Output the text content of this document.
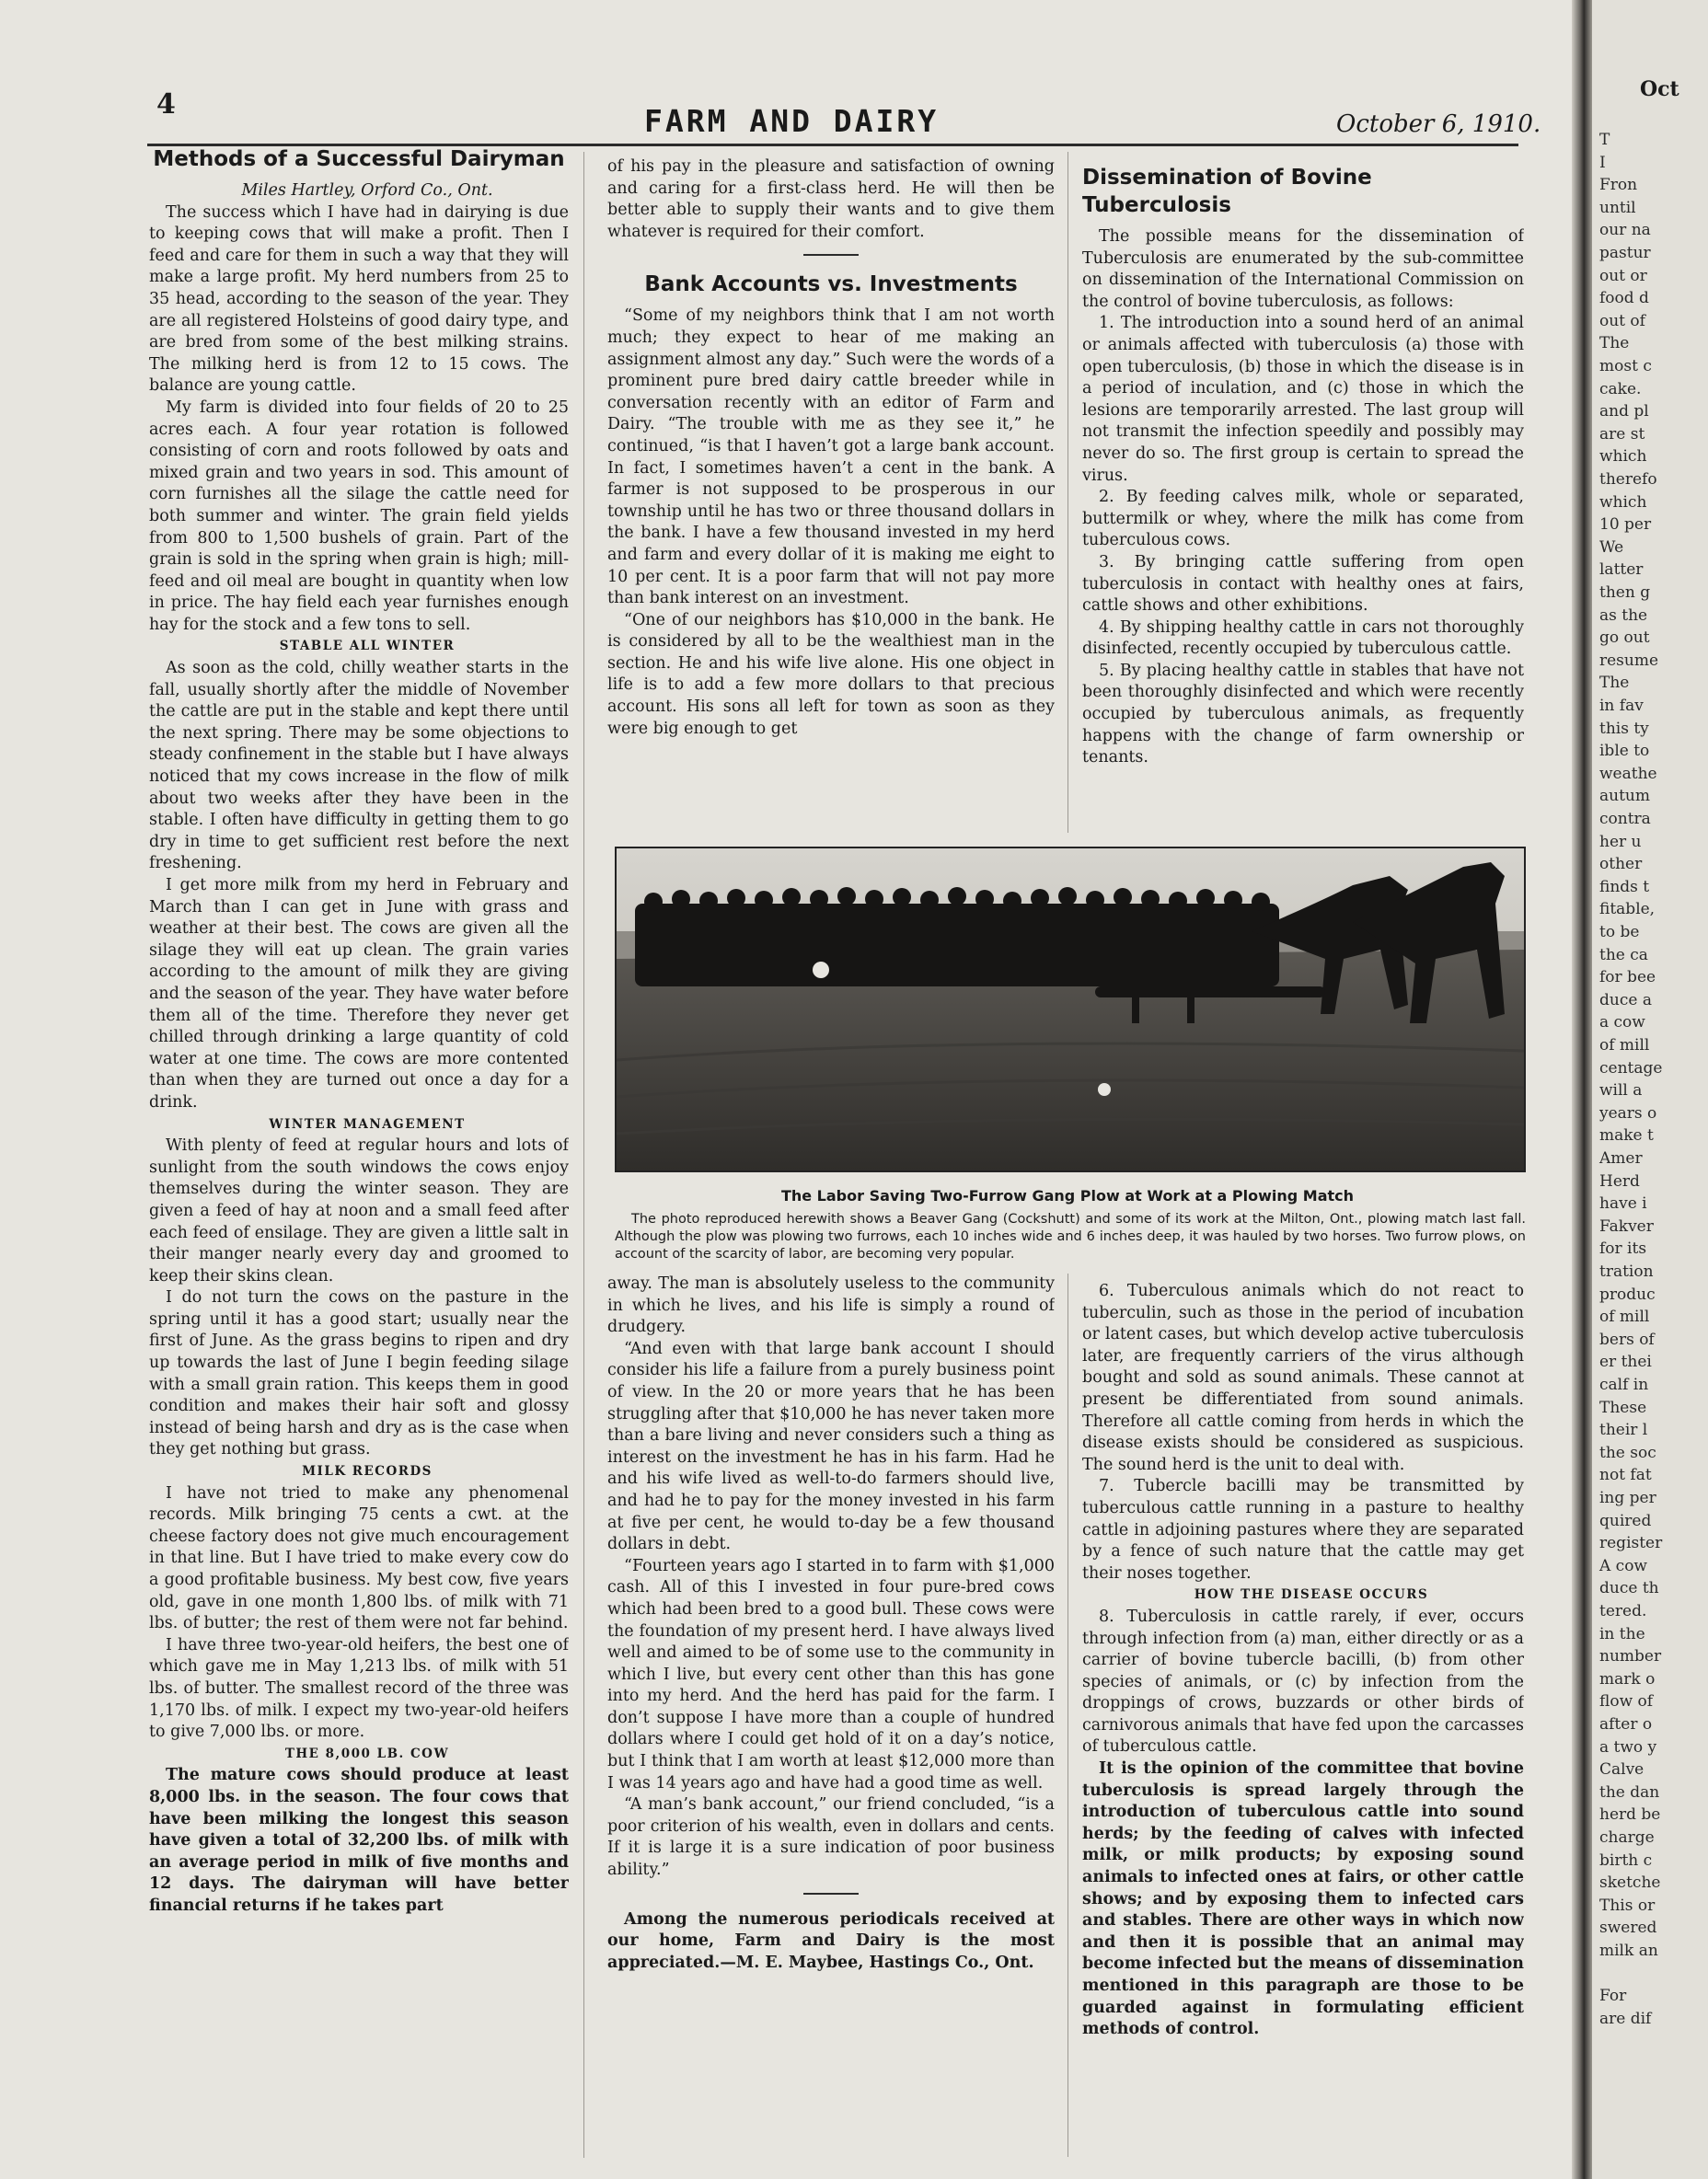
4	FARM AND DAIRY	October 6, 1910.
Methods of a Successful Dairyman

Miles Hartley, Orford Co., Ont.

The success which I have had in dairying is due to keeping cows that will make a profit. Then I feed and care for them in such a way that they will make a large profit. My herd numbers from 25 to 35 head, according to the season of the year. They are all registered Holsteins of good dairy type, and are bred from some of the best milking strains. The milking herd is from 12 to 15 cows. The balance are young cattle.

My farm is divided into four fields of 20 to 25 acres each. A four year rotation is followed consisting of corn and roots followed by oats and mixed grain and two years in sod. This amount of corn furnishes all the silage the cattle need for both summer and winter. The grain field yields from 800 to 1,500 bushels of grain. Part of the grain is sold in the spring when grain is high; mill-feed and oil meal are bought in quantity when low in price. The hay field each year furnishes enough hay for the stock and a few tons to sell.

STABLE ALL WINTER

As soon as the cold, chilly weather starts in the fall, usually shortly after the middle of November the cattle are put in the stable and kept there until the next spring. There may be some objections to steady confinement in the stable but I have always noticed that my cows increase in the flow of milk about two weeks after they have been in the stable. I often have difficulty in getting them to go dry in time to get sufficient rest before the next freshening.

I get more milk from my herd in February and March than I can get in June with grass and weather at their best. The cows are given all the silage they will eat up clean. The grain varies according to the amount of milk they are giving and the season of the year. They have water before them all of the time. Therefore they never get chilled through drinking a large quantity of cold water at one time. The cows are more contented than when they are turned out once a day for a drink.

WINTER MANAGEMENT

With plenty of feed at regular hours and lots of sunlight from the south windows the cows enjoy themselves during the winter season. They are given a feed of hay at noon and a small feed after each feed of ensilage. They are given a little salt in their manger nearly every day and groomed to keep their skins clean.

I do not turn the cows on the pasture in the spring until it has a good start; usually near the first of June. As the grass begins to ripen and dry up towards the last of June I begin feeding silage with a small grain ration. This keeps them in good condition and makes their hair soft and glossy instead of being harsh and dry as is the case when they get nothing but grass.

MILK RECORDS

I have not tried to make any phenomenal records. Milk bringing 75 cents a cwt. at the cheese factory does not give much encouragement in that line. But I have tried to make every cow do a good profitable business. My best cow, five years old, gave in one month 1,800 lbs. of milk with 71 lbs. of butter; the rest of them were not far behind.

I have three two-year-old heifers, the best one of which gave me in May 1,213 lbs. of milk with 51 lbs. of butter. The smallest record of the three was 1,170 lbs. of milk. I expect my two-year-old heifers to give 7,000 lbs. or more.

THE 8,000 LB. COW

The mature cows should produce at least 8,000 lbs. in the season. The four cows that have been milking the longest this season have given a total of 32,200 lbs. of milk with an average period in milk of five months and 12 days. The dairyman will have better financial returns if he takes part

of his pay in the pleasure and satisfaction of owning and caring for a first-class herd. He will then be better able to supply their wants and to give them whatever is required for their comfort.

Bank Accounts vs. Investments

“Some of my neighbors think that I am not worth much; they expect to hear of me making an assignment almost any day.” Such were the words of a prominent pure bred dairy cattle breeder while in conversation recently with an editor of Farm and Dairy. “The trouble with me as they see it,” he continued, “is that I haven’t got a large bank account. In fact, I sometimes haven’t a cent in the bank. A farmer is not supposed to be prosperous in our township until he has two or three thousand dollars in the bank. I have a few thousand invested in my herd and farm and every dollar of it is making me eight to 10 per cent. It is a poor farm that will not pay more than bank interest on an investment.

“One of our neighbors has $10,000 in the bank. He is considered by all to be the wealthiest man in the section. He and his wife live alone. His one object in life is to add a few more dollars to that precious account. His sons all left for town as soon as they were big enough to get

Dissemination of Bovine Tuberculosis

The possible means for the dissemination of Tuberculosis are enumerated by the sub-committee on dissemination of the International Commission on the control of bovine tuberculosis, as follows:

1. The introduction into a sound herd of an animal or animals affected with tuberculosis (a) those with open tuberculosis, (b) those in which the disease is in a period of inculation, and (c) those in which the lesions are temporarily arrested. The last group will not transmit the infection speedily and possibly may never do so. The first group is certain to spread the virus.

2. By feeding calves milk, whole or separated, buttermilk or whey, where the milk has come from tuberculous cows.

3. By bringing cattle suffering from open tuberculosis in contact with healthy ones at fairs, cattle shows and other exhibitions.

4. By shipping healthy cattle in cars not thoroughly disinfected, recently occupied by tuberculous cattle.

5. By placing healthy cattle in stables that have not been thoroughly disinfected and which were recently occupied by tuberculous animals, as frequently happens with the change of farm ownership or tenants.

The Labor Saving Two-Furrow Gang Plow at Work at a Plowing Match
The photo reproduced herewith shows a Beaver Gang (Cockshutt) and some of its work at the Milton, Ont., plowing match last fall. Although the plow was plowing two furrows, each 10 inches wide and 6 inches deep, it was hauled by two horses. Two furrow plows, on account of the scarcity of labor, are becoming very popular.

away. The man is absolutely useless to the community in which he lives, and his life is simply a round of drudgery.

“And even with that large bank account I should consider his life a failure from a purely business point of view. In the 20 or more years that he has been struggling after that $10,000 he has never taken more than a bare living and never considers such a thing as interest on the investment he has in his farm. Had he and his wife lived as well-to-do farmers should live, and had he to pay for the money invested in his farm at five per cent, he would to-day be a few thousand dollars in debt.

“Fourteen years ago I started in to farm with $1,000 cash. All of this I invested in four pure-bred cows which had been bred to a good bull. These cows were the foundation of my present herd. I have always lived well and aimed to be of some use to the community in which I live, but every cent other than this has gone into my herd. And the herd has paid for the farm. I don’t suppose I have more than a couple of hundred dollars where I could get hold of it on a day’s notice, but I think that I am worth at least $12,000 more than I was 14 years ago and have had a good time as well.

“A man’s bank account,” our friend concluded, “is a poor criterion of his wealth, even in dollars and cents. If it is large it is a sure indication of poor business ability.”

Among the numerous periodicals received at our home, Farm and Dairy is the most appreciated.—M. E. Maybee, Hastings Co., Ont.

6. Tuberculous animals which do not react to tuberculin, such as those in the period of incubation or latent cases, but which develop active tuberculosis later, are frequently carriers of the virus although bought and sold as sound animals. These cannot at present be differentiated from sound animals. Therefore all cattle coming from herds in which the disease exists should be considered as suspicious. The sound herd is the unit to deal with.

7. Tubercle bacilli may be transmitted by tuberculous cattle running in a pasture to healthy cattle in adjoining pastures where they are separated by a fence of such nature that the cattle may get their noses together.

HOW THE DISEASE OCCURS

8. Tuberculosis in cattle rarely, if ever, occurs through infection from (a) man, either directly or as a carrier of bovine tubercle bacilli, (b) from other species of animals, or (c) by infection from the droppings of crows, buzzards or other birds of carnivorous animals that have fed upon the carcasses of tuberculous cattle.

It is the opinion of the committee that bovine tuberculosis is spread largely through the introduction of tuberculous cattle into sound herds; by the feeding of calves with infected milk, or milk products; by exposing sound animals to infected ones at fairs, or other cattle shows; and by exposing them to infected cars and stables. There are other ways in which now and then it is possible that an animal may become infected but the means of dissemination mentioned in this paragraph are those to be guarded against in formulating efficient methods of control.

Oct
T
I
Fron
until
our na
pastur
out or
food d
out of
The
most c
cake.
and pl
are st
which
therefo
which
10 per
We
latter
then g
as the
go out
resume
The
in fav
this ty
ible to
weathe
autum
contra
her u
other
finds t
fitable,
to be
the ca
for bee
duce a
a cow
of mill
centage
will a
years o
make t
Amer
Herd
have i
Fakver
for its
tration
produc
of mill
bers of
er thei
calf in
These
their l
the soc
not fat
ing per
quired
register
A cow
duce th
tered.
in the
number
mark o
flow of
after o
a two y
Calve
the dan
herd be
charge
birth c
sketche
This or
swered
milk an
For
are dif
